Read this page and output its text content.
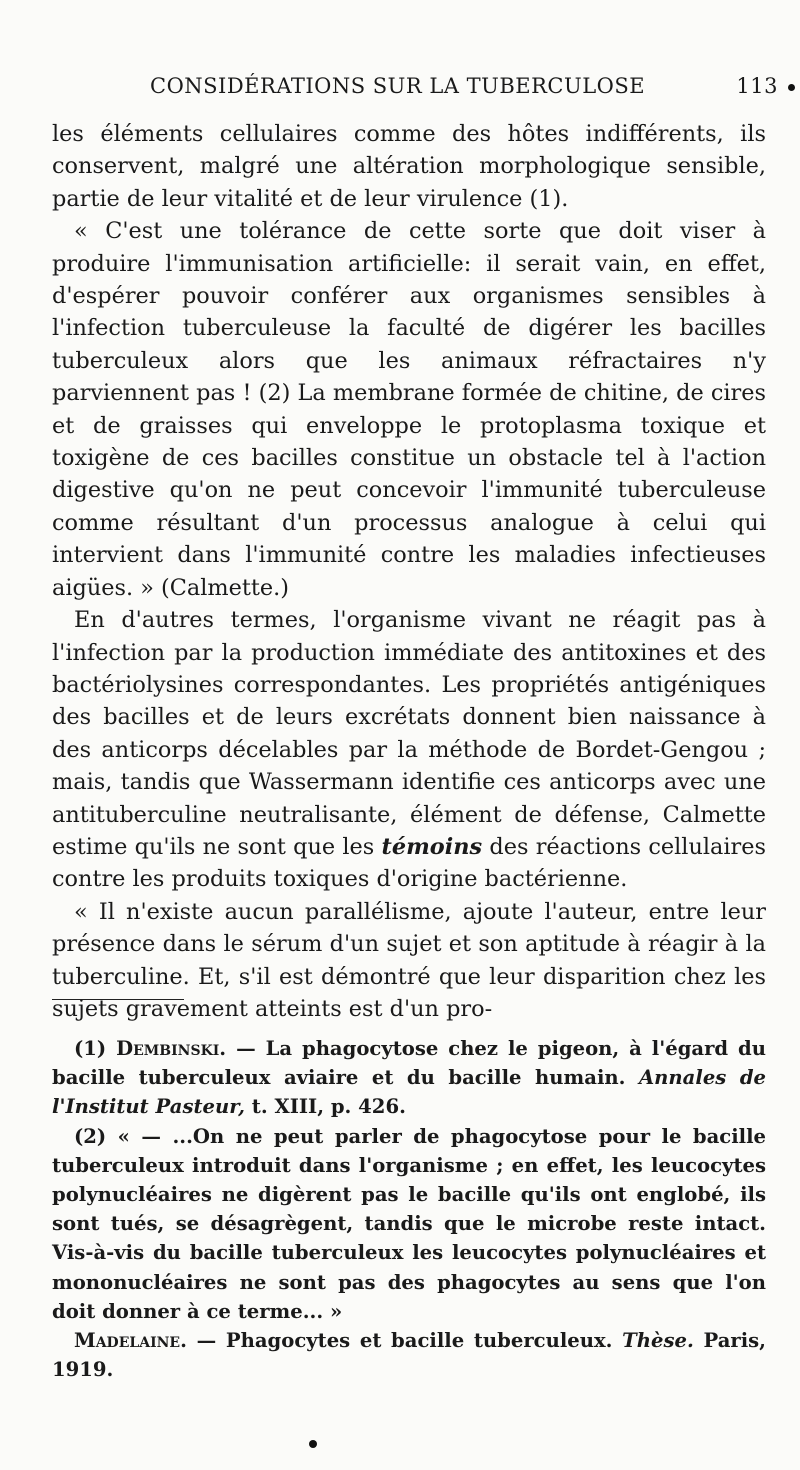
CONSIDÉRATIONS SUR LA TUBERCULOSE	113

les éléments cellulaires comme des hôtes indifférents, ils conservent, malgré une altération morphologique sensible, partie de leur vitalité et de leur virulence (1).

« C'est une tolérance de cette sorte que doit viser à produire l'immunisation artificielle: il serait vain, en effet, d'espérer pouvoir conférer aux organismes sensibles à l'infection tuberculeuse la faculté de digérer les bacilles tuberculeux alors que les animaux réfractaires n'y parviennent pas ! (2) La membrane formée de chitine, de cires et de graisses qui enveloppe le protoplasma toxique et toxigène de ces bacilles constitue un obstacle tel à l'action digestive qu'on ne peut concevoir l'immunité tuberculeuse comme résultant d'un processus analogue à celui qui intervient dans l'immunité contre les maladies infectieuses aigües. » (Calmette.)

En d'autres termes, l'organisme vivant ne réagit pas à l'infection par la production immédiate des antitoxines et des bactériolysines correspondantes. Les propriétés antigéniques des bacilles et de leurs excrétats donnent bien naissance à des anticorps décelables par la méthode de Bordet-Gengou ; mais, tandis que Wassermann identifie ces anticorps avec une antituberculine neutralisante, élément de défense, Calmette estime qu'ils ne sont que les témoins des réactions cellulaires contre les produits toxiques d'origine bactérienne.

« Il n'existe aucun parallélisme, ajoute l'auteur, entre leur présence dans le sérum d'un sujet et son aptitude à réagir à la tuberculine. Et, s'il est démontré que leur disparition chez les sujets gravement atteints est d'un pro-

(1) Dembinski. — La phagocytose chez le pigeon, à l'égard du bacille tuberculeux aviaire et du bacille humain. Annales de l'Institut Pasteur, t. XIII, p. 426.

(2) « — ...On ne peut parler de phagocytose pour le bacille tuberculeux introduit dans l'organisme ; en effet, les leucocytes polynucléaires ne digèrent pas le bacille qu'ils ont englobé, ils sont tués, se désagrègent, tandis que le microbe reste intact. Vis-à-vis du bacille tuberculeux les leucocytes polynucléaires et mononucléaires ne sont pas des phagocytes au sens que l'on doit donner à ce terme... »

Madelaine. — Phagocytes et bacille tuberculeux. Thèse. Paris, 1919.
